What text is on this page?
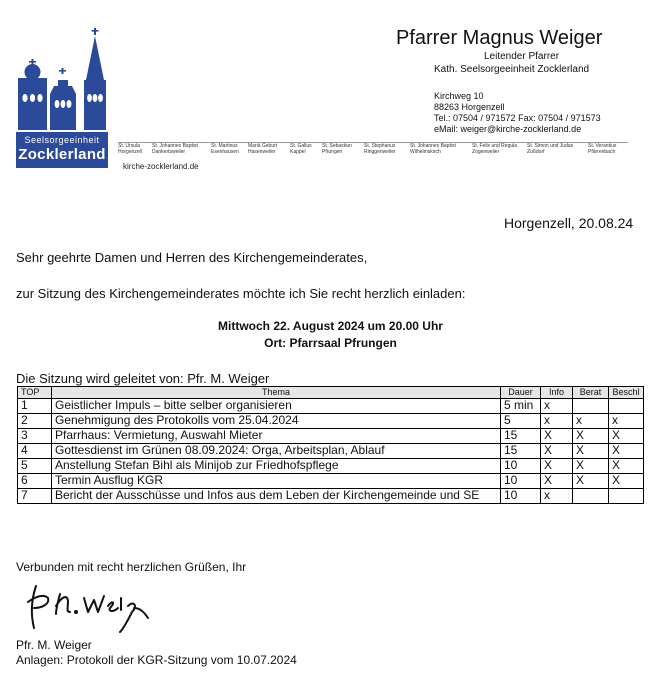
Seelsorgeeinheit
Zocklerland
kirche-zocklerland.de
St. Ursula
Horgenzell
St. Johannes Baptist
Dankertsweiler
St. Martinus
Esenhausen
Mariä Geburt
Hasenweiler
St. Gallus
Kappel
St. Sebastian
Pfrungen
St. Stephanus
Ringgenweiler
St. Johannes Baptist
Wilhelmskirch
St. Felix und Regula
Zogenweiler
St. Simon und Judas
Zußdorf
St. Verantius
Pfärrenbach
Pfarrer Magnus Weiger
Leitender Pfarrer
Kath. Seelsorgeeinheit Zocklerland
Kirchweg 10
88263 Horgenzell
Tel.: 07504 / 971572 Fax: 07504 / 971573
eMail: weiger@kirche-zocklerland.de
Horgenzell, 20.08.24
Sehr geehrte Damen und Herren des Kirchengemeinderates,
zur Sitzung des Kirchengemeinderates möchte ich Sie recht herzlich einladen:
Mittwoch 22. August 2024 um 20.00 Uhr
Ort: Pfarrsaal Pfrungen
Die Sitzung wird geleitet von: Pfr. M. Weiger
TOP	Thema	Dauer	Info	Berat	Beschl
1	Geistlicher Impuls – bitte selber organisieren	5 min	x		
2	Genehmigung des Protokolls vom 25.04.2024	5	x	x	x
3	Pfarrhaus: Vermietung, Auswahl Mieter	15	X	X	X
4	Gottesdienst im Grünen 08.09.2024: Orga, Arbeitsplan, Ablauf	15	X	X	X
5	Anstellung Stefan Bihl als Minijob zur Friedhofspflege	10	X	X	X
6	Termin Ausflug KGR	10	X	X	X
7	Bericht der Ausschüsse und Infos aus dem Leben der Kirchengemeinde und SE	10	x		
Verbunden mit recht herzlichen Grüßen, Ihr
Pfr. M. Weiger
Anlagen: Protokoll der KGR-Sitzung vom 10.07.2024
